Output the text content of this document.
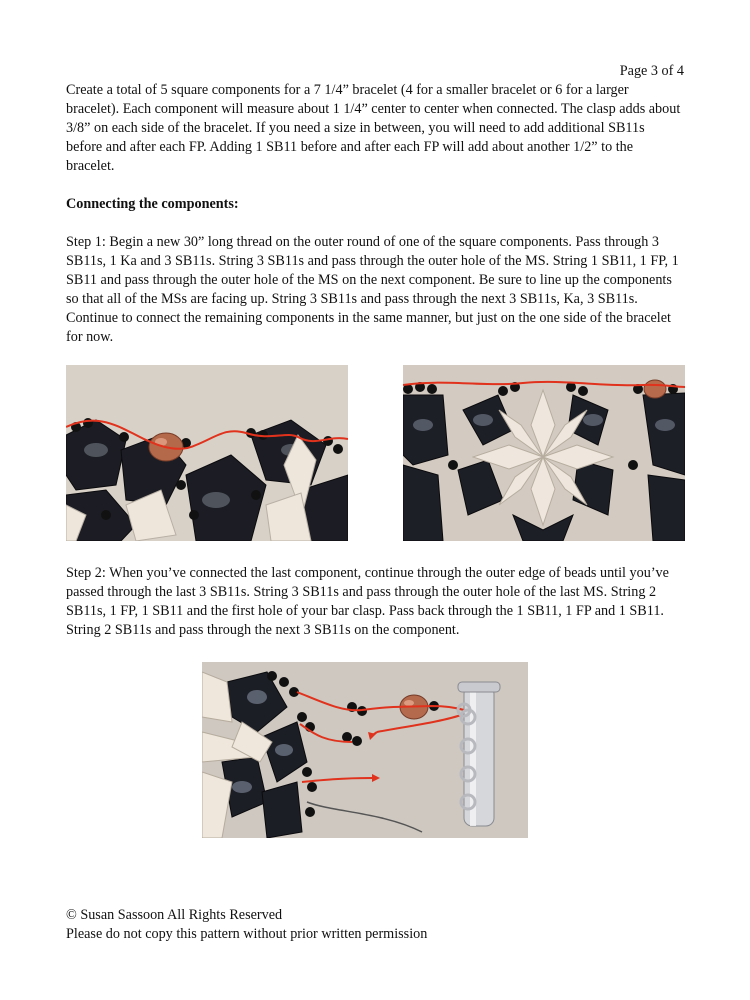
Page 3 of 4

Create a total of 5 square components for a 7 1/4” bracelet (4 for a smaller bracelet or 6 for a larger bracelet). Each component will measure about 1 1/4” center to center when connected. The clasp adds about 3/8” on each side of the bracelet. If you need a size in between, you will need to add additional SB11s before and after each FP. Adding 1 SB11 before and after each FP will add about another 1/2” to the bracelet.

Connecting the components:

Step 1: Begin a new 30” long thread on the outer round of one of the square components. Pass through 3 SB11s, 1 Ka and 3 SB11s. String 3 SB11s and pass through the outer hole of the MS. String 1 SB11, 1 FP, 1 SB11 and pass through the outer hole of the MS on the next component. Be sure to line up the components so that all of the MSs are facing up. String 3 SB11s and pass through the next 3 SB11s, Ka, 3 SB11s. Continue to connect the remaining components in the same manner, but just on the one side of the bracelet for now.

Step 2: When you’ve connected the last component, continue through the outer edge of beads until you’ve passed through the last 3 SB11s. String 3 SB11s and pass through the outer hole of the last MS. String 2 SB11s, 1 FP, 1 SB11 and the first hole of your bar clasp. Pass back through the 1 SB11, 1 FP and 1 SB11. String 2 SB11s and pass through the next 3 SB11s on the component.

© Susan Sassoon All Rights Reserved
Please do not copy this pattern without prior written permission
